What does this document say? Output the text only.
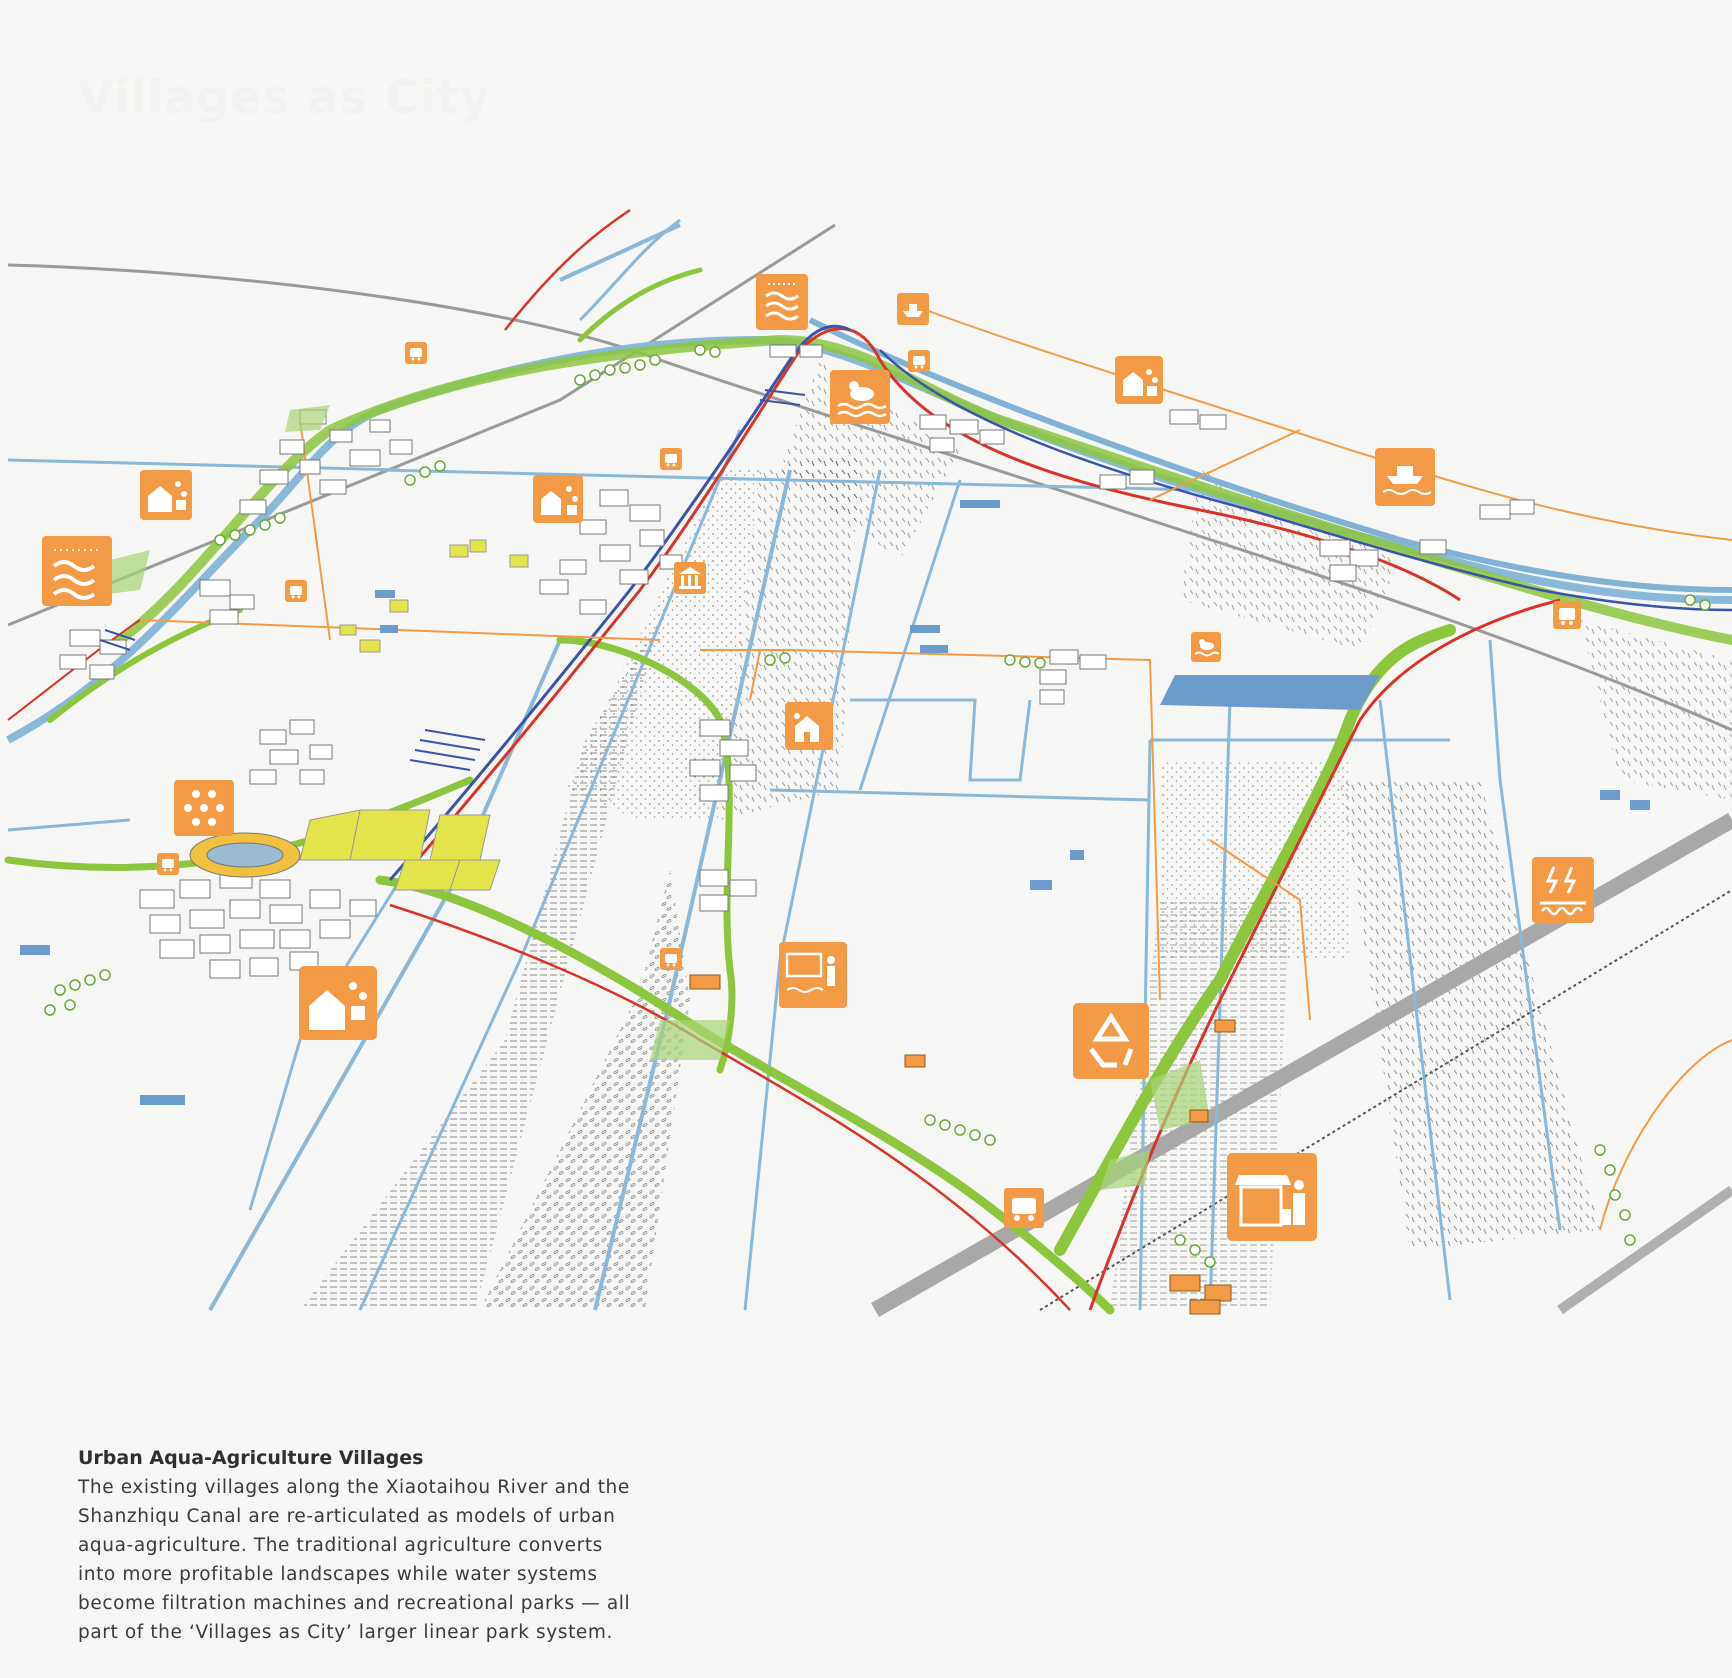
Villages as City

Urban Aqua-Agriculture Villages

The existing villages along the Xiaotaihou River and the
Shanzhiqu Canal are re-articulated as models of urban
aqua-agriculture. The traditional agriculture converts
into more profitable landscapes while water systems
become filtration machines and recreational parks — all
part of the ‘Villages as City’ larger linear park system.
